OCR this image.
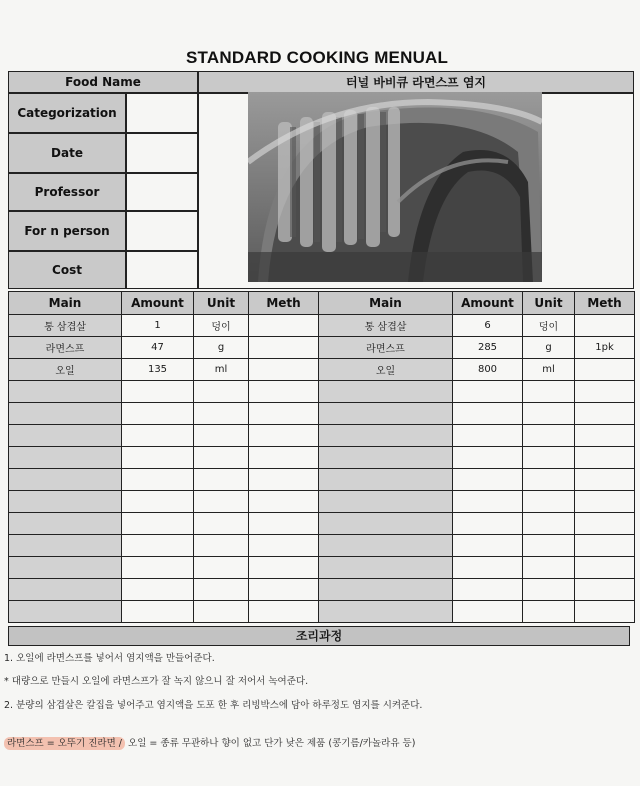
STANDARD COOKING MENUAL
Food Name	터널 바비큐 라면스프 염지
Categorization
Date
Professor
For n person
Cost
Main	Amount	Unit	Meth	Main	Amount	Unit	Meth
통 삼겹살	1	덩이		통 삼겹살	6	덩이	
라면스프	47	g		라면스프	285	g	1pk
오일	135	ml		오일	800	ml	

조리과정
1. 오일에 라면스프를 넣어서 염지액을 만들어준다.
* 대량으로 만들시 오일에 라면스프가 잘 녹지 않으니 잘 저어서 녹여준다.
2. 분량의 삼겹살은 칼집을 넣어주고 염지액을 도포 한 후 리빙박스에 담아 하루정도 염지를 시켜준다.
라면스프 = 오뚜기 진라면 / 오일 = 종류 무관하나 향이 없고 단가 낮은 제품 (콩기름/카놀라유 등)
